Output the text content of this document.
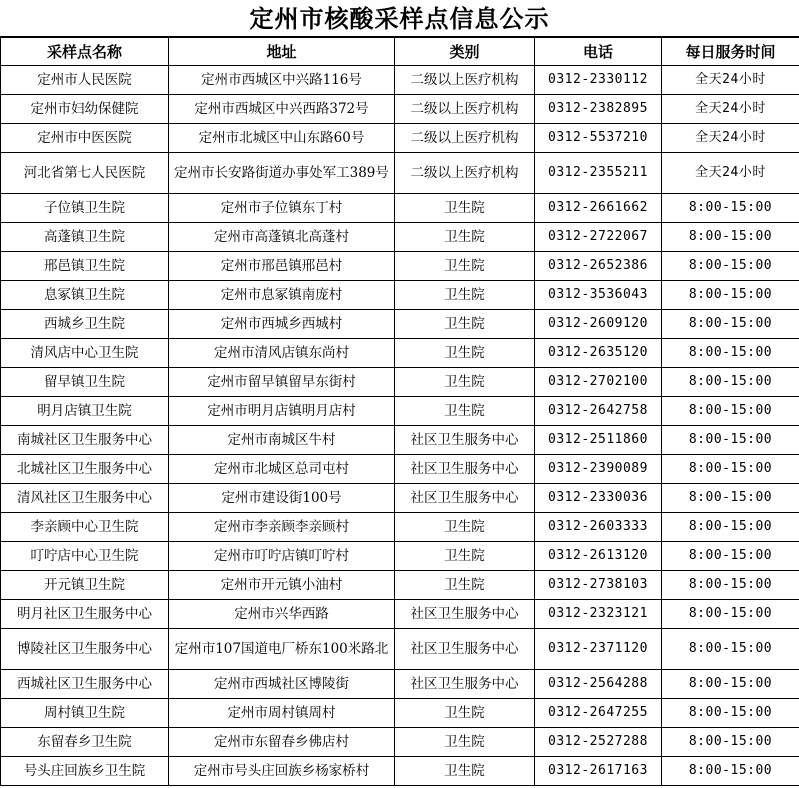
定州市核酸采样点信息公示
采样点名称	地址	类别	电话	每日服务时间
定州市人民医院	定州市西城区中兴路116号	二级以上医疗机构	0312-2330112	全天24小时
定州市妇幼保健院	定州市西城区中兴西路372号	二级以上医疗机构	0312-2382895	全天24小时
定州市中医医院	定州市北城区中山东路60号	二级以上医疗机构	0312-5537210	全天24小时
河北省第七人民医院	定州市长安路街道办事处军工389号	二级以上医疗机构	0312-2355211	全天24小时
子位镇卫生院	定州市子位镇东丁村	卫生院	0312-2661662	8:00-15:00
高蓬镇卫生院	定州市高蓬镇北高蓬村	卫生院	0312-2722067	8:00-15:00
邢邑镇卫生院	定州市邢邑镇邢邑村	卫生院	0312-2652386	8:00-15:00
息冢镇卫生院	定州市息冢镇南庞村	卫生院	0312-3536043	8:00-15:00
西城乡卫生院	定州市西城乡西城村	卫生院	0312-2609120	8:00-15:00
清风店中心卫生院	定州市清风店镇东尚村	卫生院	0312-2635120	8:00-15:00
留早镇卫生院	定州市留早镇留早东街村	卫生院	0312-2702100	8:00-15:00
明月店镇卫生院	定州市明月店镇明月店村	卫生院	0312-2642758	8:00-15:00
南城社区卫生服务中心	定州市南城区牛村	社区卫生服务中心	0312-2511860	8:00-15:00
北城社区卫生服务中心	定州市北城区总司屯村	社区卫生服务中心	0312-2390089	8:00-15:00
清风社区卫生服务中心	定州市建设街100号	社区卫生服务中心	0312-2330036	8:00-15:00
李亲顾中心卫生院	定州市李亲顾李亲顾村	卫生院	0312-2603333	8:00-15:00
叮咛店中心卫生院	定州市叮咛店镇叮咛村	卫生院	0312-2613120	8:00-15:00
开元镇卫生院	定州市开元镇小油村	卫生院	0312-2738103	8:00-15:00
明月社区卫生服务中心	定州市兴华西路	社区卫生服务中心	0312-2323121	8:00-15:00
博陵社区卫生服务中心	定州市107国道电厂桥东100米路北	社区卫生服务中心	0312-2371120	8:00-15:00
西城社区卫生服务中心	定州市西城社区博陵街	社区卫生服务中心	0312-2564288	8:00-15:00
周村镇卫生院	定州市周村镇周村	卫生院	0312-2647255	8:00-15:00
东留春乡卫生院	定州市东留春乡佛店村	卫生院	0312-2527288	8:00-15:00
号头庄回族乡卫生院	定州市号头庄回族乡杨家桥村	卫生院	0312-2617163	8:00-15:00
